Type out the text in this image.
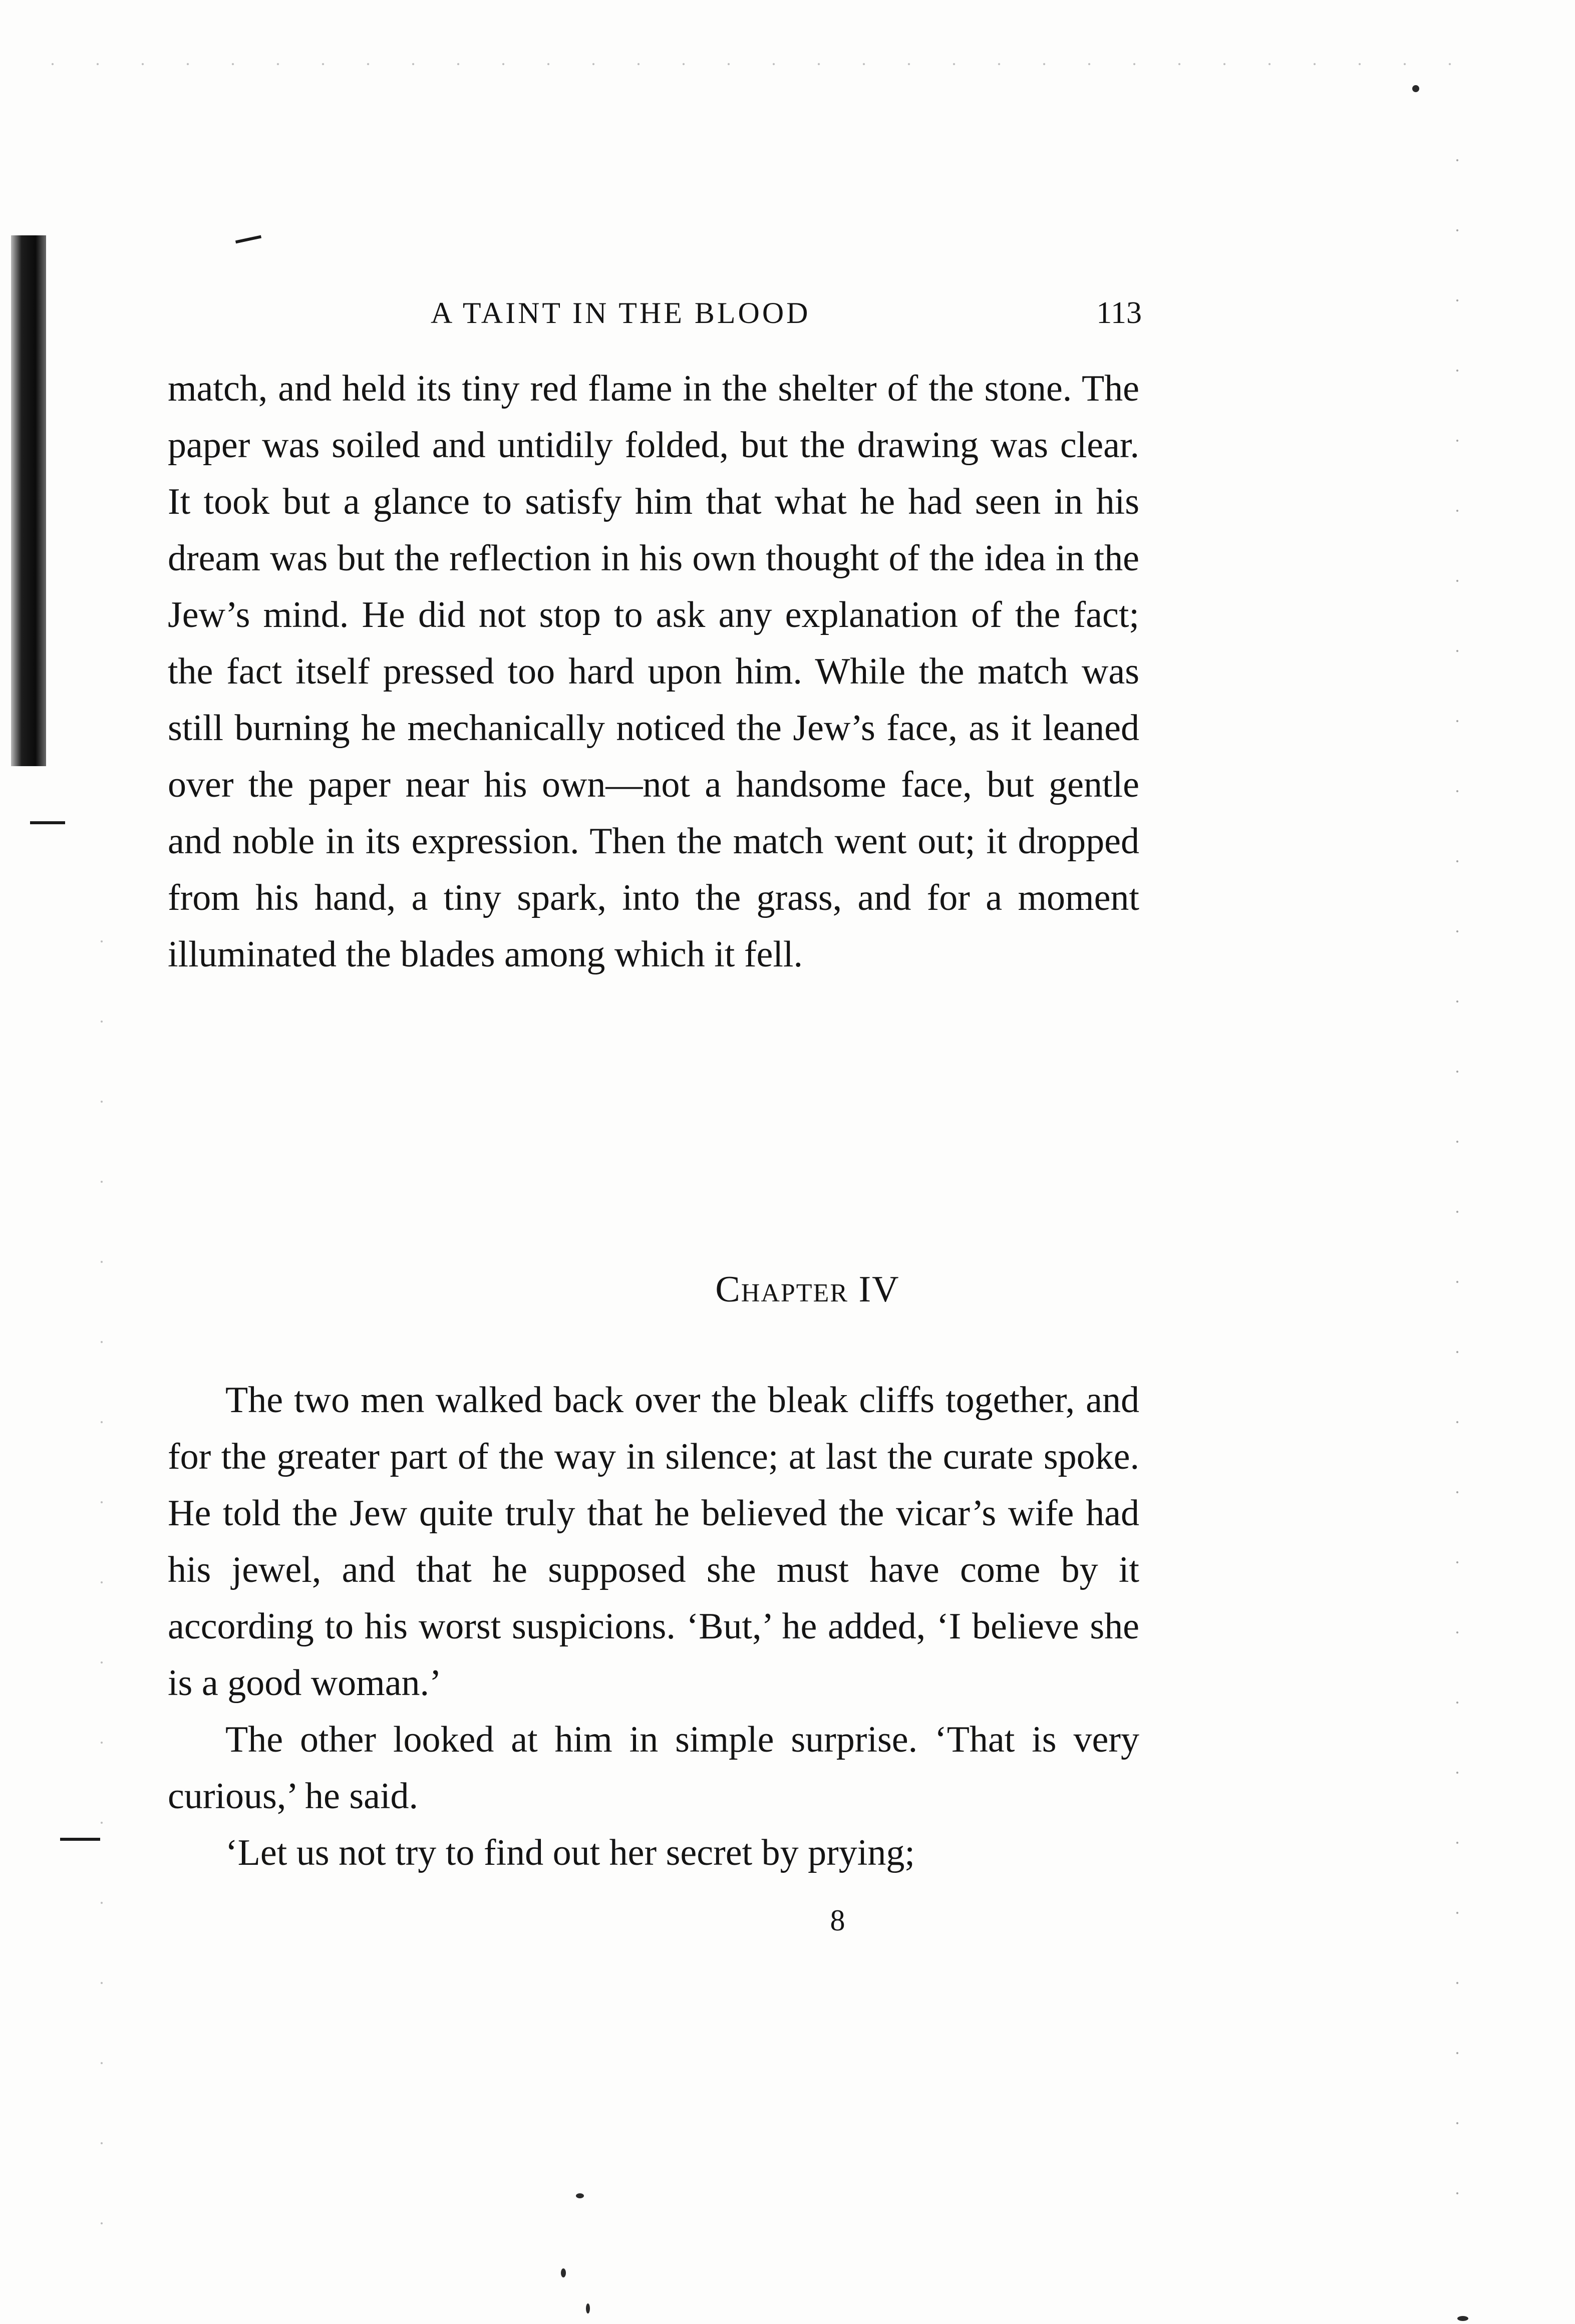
A TAINT IN THE BLOOD	113

match, and held its tiny red flame in the shelter of the stone. The paper was soiled and untidily folded, but the drawing was clear. It took but a glance to satisfy him that what he had seen in his dream was but the reflection in his own thought of the idea in the Jew’s mind. He did not stop to ask any explanation of the fact; the fact itself pressed too hard upon him. While the match was still burning he mechanically noticed the Jew’s face, as it leaned over the paper near his own—not a handsome face, but gentle and noble in its expression. Then the match went out; it dropped from his hand, a tiny spark, into the grass, and for a moment illuminated the blades among which it fell.

Chapter IV

The two men walked back over the bleak cliffs together, and for the greater part of the way in silence; at last the curate spoke. He told the Jew quite truly that he believed the vicar’s wife had his jewel, and that he supposed she must have come by it according to his worst suspicions. ‘But,’ he added, ‘I believe she is a good woman.’

The other looked at him in simple surprise. ‘That is very curious,’ he said.

‘Let us not try to find out her secret by prying;

8
